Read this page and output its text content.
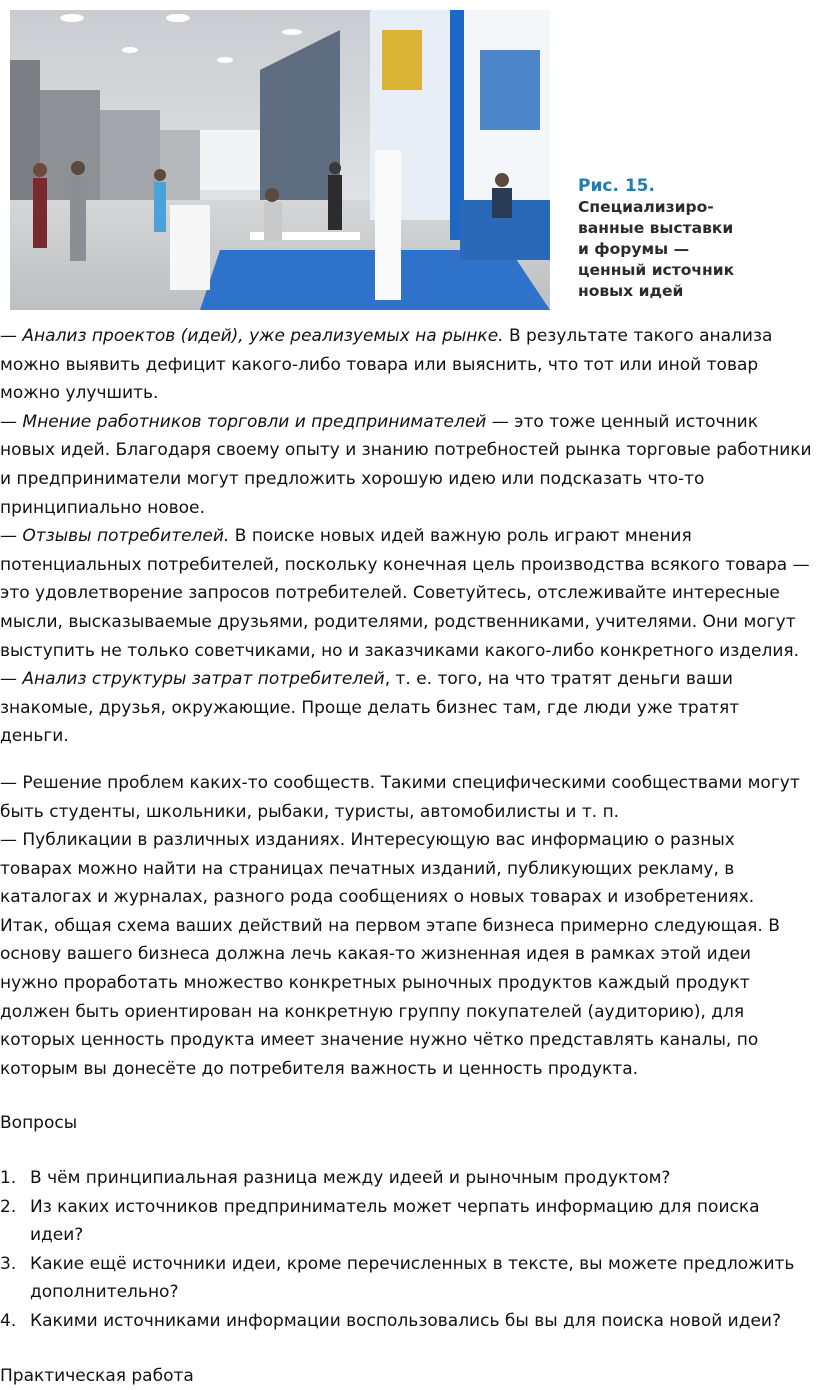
Рис. 15.
Специализиро-
ванные выставки
и форумы —
ценный источник
новых идей

— Анализ проектов (идей), уже реализуемых на рынке. В результате такого анализа можно выявить дефицит какого-либо товара или выяснить, что тот или иной товар можно улучшить.

— Мнение работников торговли и предпринимателей — это тоже ценный источник новых идей. Благодаря своему опыту и знанию потребностей рынка торговые работники и предприниматели могут предложить хорошую идею или подсказать что-то принципиально новое.

— Отзывы потребителей. В поиске новых идей важную роль играют мнения потенциальных потребителей, поскольку конечная цель производства всякого товара — это удовлетворение запросов потребителей. Советуйтесь, отслеживайте интересные мысли, высказываемые друзьями, родителями, родственниками, учителями. Они могут выступить не только советчиками, но и заказчиками какого-либо конкретного изделия.

— Анализ структуры затрат потребителей, т. е. того, на что тратят деньги ваши знакомые, друзья, окружающие. Проще делать бизнес там, где люди уже тратят деньги.

— Решение проблем каких-то сообществ. Такими специфическими сообществами могут быть студенты, школьники, рыбаки, туристы, автомобилисты и т. п.

— Публикации в различных изданиях. Интересующую вас информацию о разных товарах можно найти на страницах печатных изданий, публикующих рекламу, в каталогах и журналах, разного рода сообщениях о новых товарах и изобретениях.

Итак, общая схема ваших действий на первом этапе бизнеса примерно следующая. В основу вашего бизнеса должна лечь какая-то жизненная идея в рамках этой идеи нужно проработать множество конкретных рыночных продуктов каждый продукт должен быть ориентирован на конкретную группу покупателей (аудиторию), для которых ценность продукта имеет значение нужно чётко представлять каналы, по которым вы донесёте до потребителя важность и ценность продукта.

Вопросы

1. В чём принципиальная разница между идеей и рыночным продуктом?
2. Из каких источников предприниматель может черпать информацию для поиска идеи?
3. Какие ещё источники идеи, кроме перечисленных в тексте, вы можете предложить дополнительно?
4. Какими источниками информации воспользовались бы вы для поиска новой идеи?

Практическая работа
